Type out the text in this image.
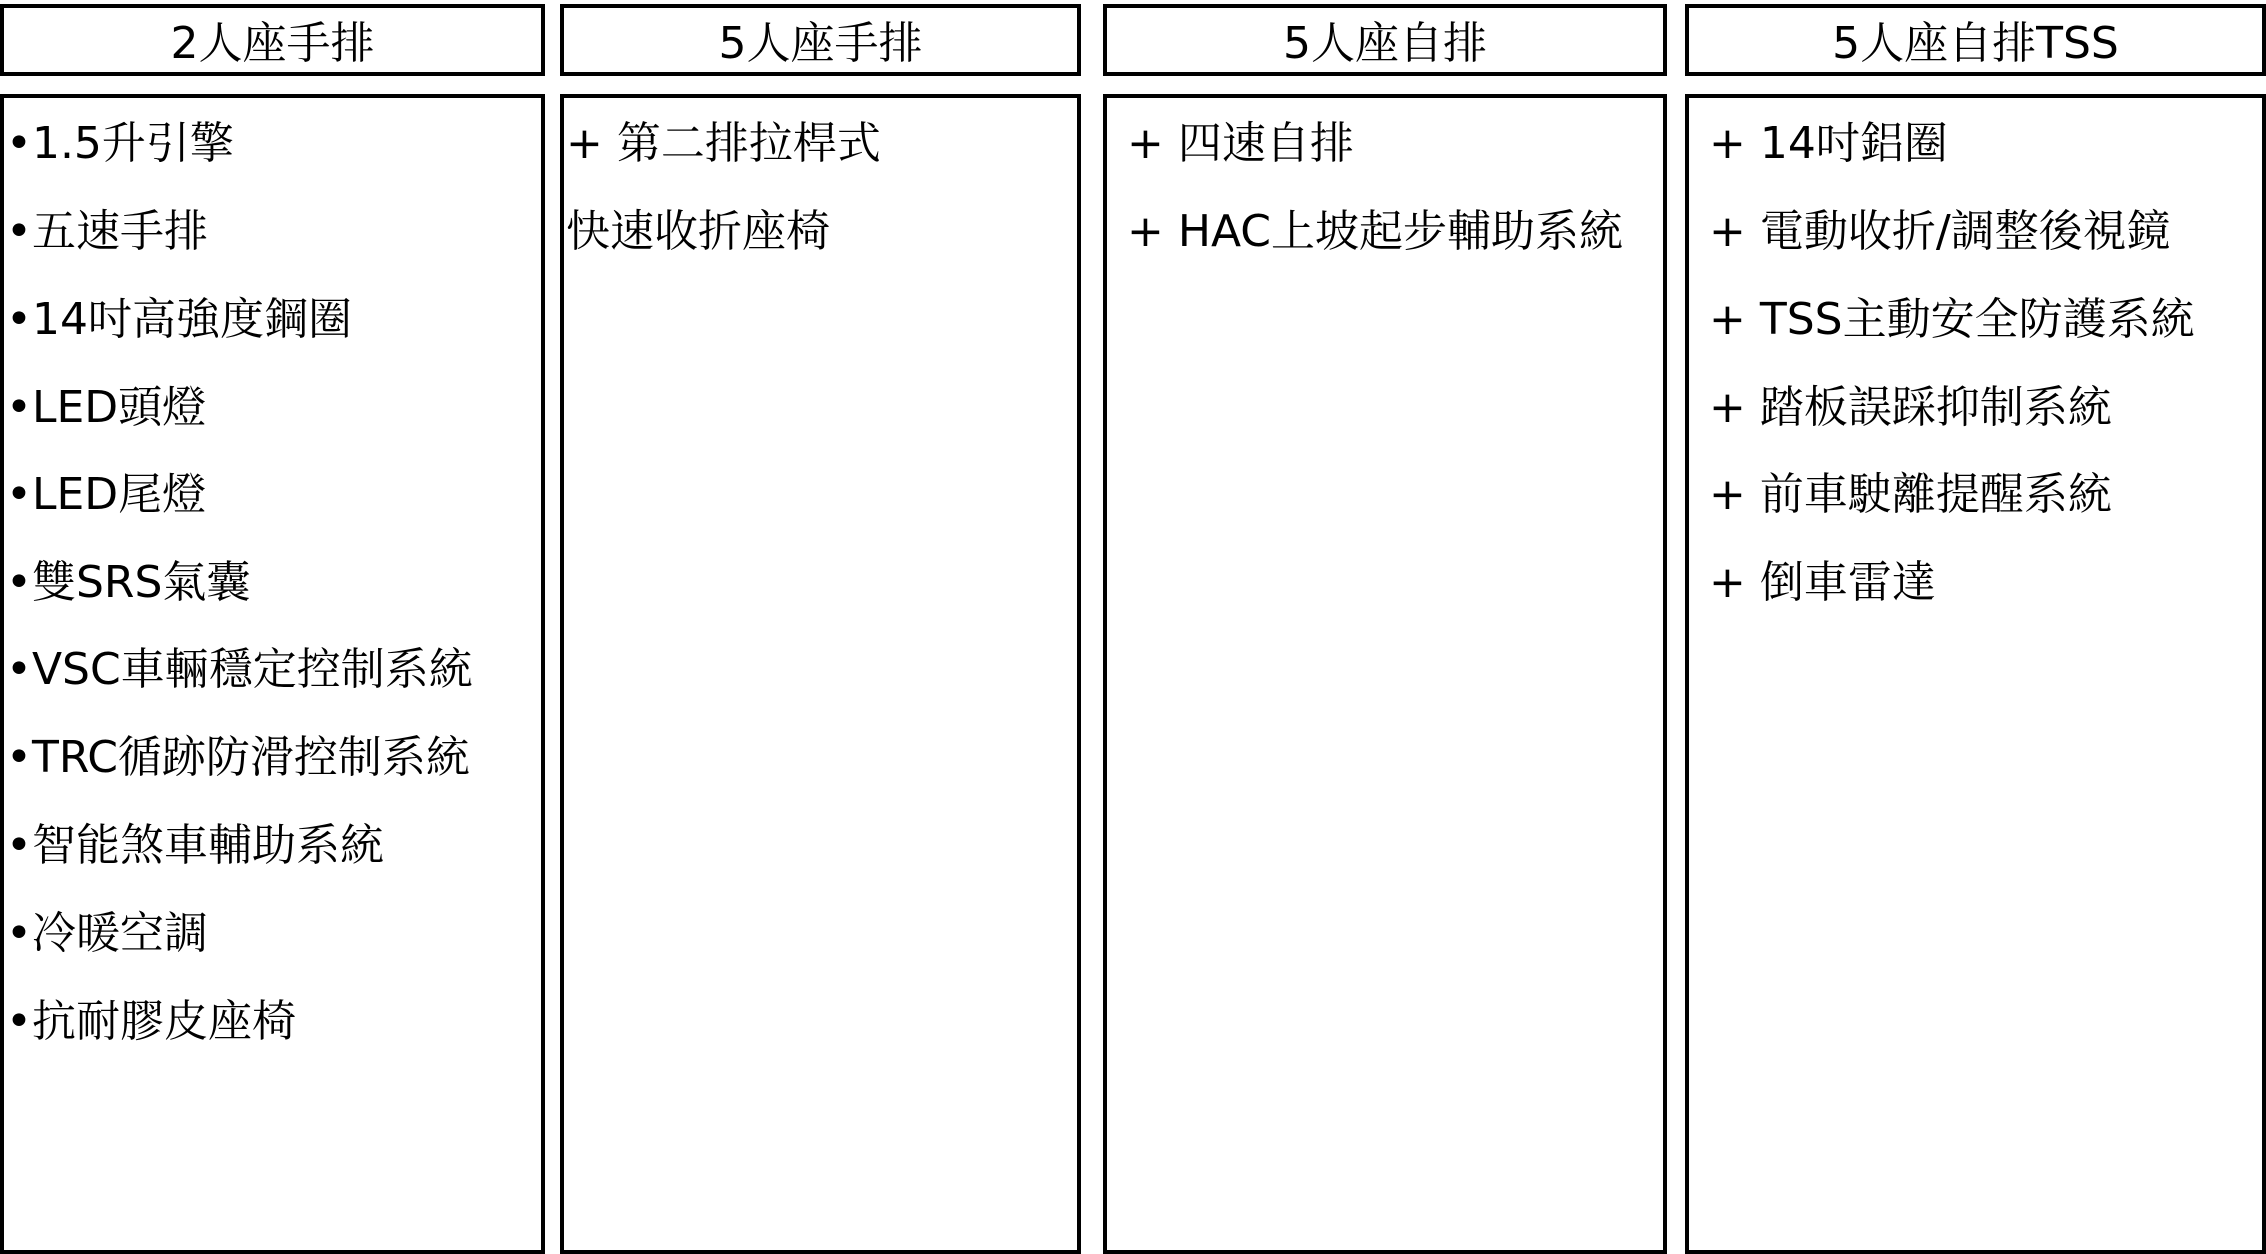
2人座手排
•1.5升引擎
•五速手排
•14吋高強度鋼圈
•LED頭燈
•LED尾燈
•雙SRS氣囊
•VSC車輛穩定控制系統
•TRC循跡防滑控制系統
•智能煞車輔助系統
•冷暖空調
•抗耐膠皮座椅
5人座手排
+ 第二排拉桿式
快速收折座椅
5人座自排
+ 四速自排
+ HAC上坡起步輔助系統
5人座自排TSS
+ 14吋鋁圈
+ 電動收折/調整後視鏡
+ TSS主動安全防護系統
+ 踏板誤踩抑制系統
+ 前車駛離提醒系統
+ 倒車雷達
